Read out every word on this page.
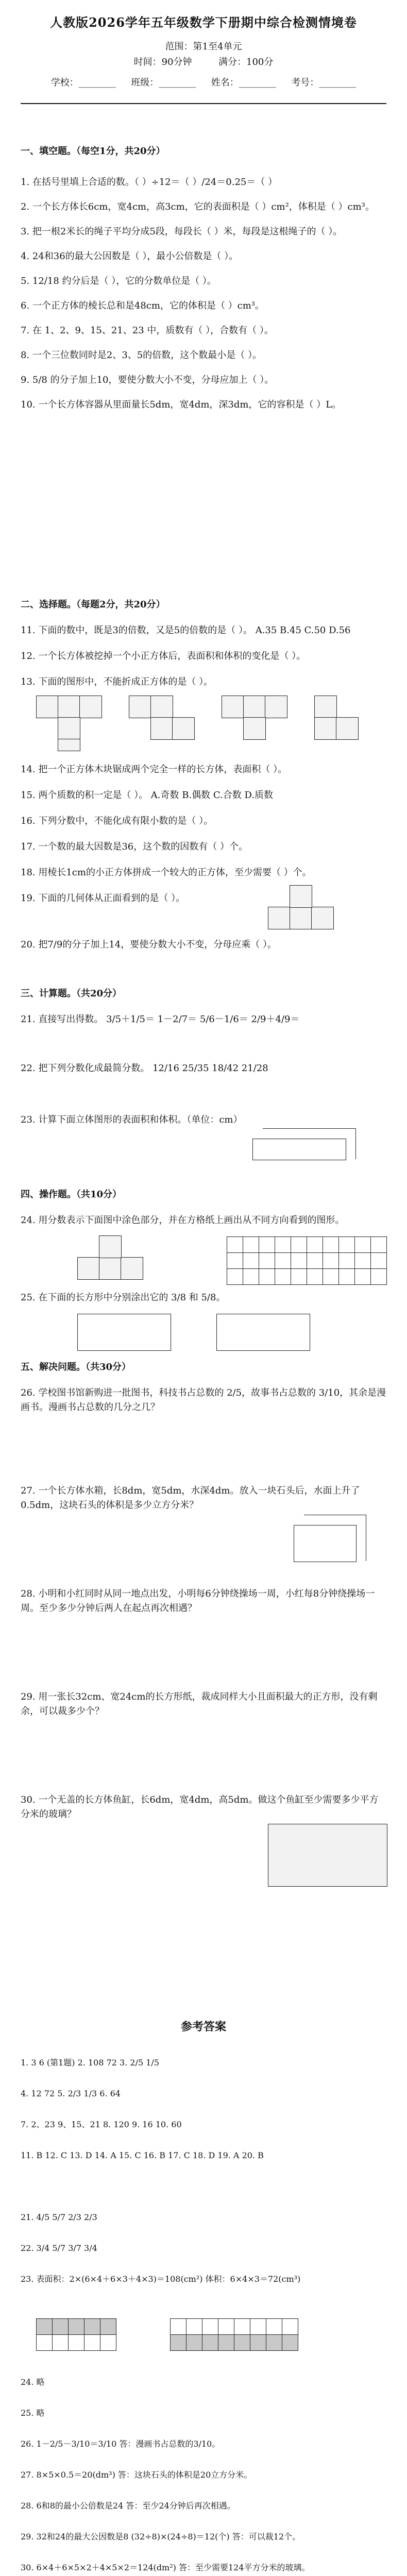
人教版2026学年五年级数学下册期中综合检测情境卷
范围：第1至4单元
时间：90分钟	满分：100分
学校：________ 班级：________ 姓名：________ 考号：________
一、填空题。（每空1分，共20分）
1. 在括号里填上合适的数。（ ）÷12＝（ ）/24＝0.25＝（ ）
2. 一个长方体长6cm，宽4cm，高3cm，它的表面积是（ ）cm²，体积是（ ）cm³。
3. 把一根2米长的绳子平均分成5段，每段长（ ）米，每段是这根绳子的（ ）。
4. 24和36的最大公因数是（ ），最小公倍数是（ ）。
5. 12/18 约分后是（ ），它的分数单位是（ ）。
6. 一个正方体的棱长总和是48cm，它的体积是（ ）cm³。
7. 在 1、2、9、15、21、23 中，质数有（ ），合数有（ ）。
8. 一个三位数同时是2、3、5的倍数，这个数最小是（ ）。
9. 5/8 的分子加上10，要使分数大小不变，分母应加上（ ）。
10. 一个长方体容器从里面量长5dm，宽4dm，深3dm，它的容积是（ ）L。
二、选择题。（每题2分，共20分）
11. 下面的数中，既是3的倍数，又是5的倍数的是（ ）。 A.35 B.45 C.50 D.56
12. 一个长方体被挖掉一个小正方体后，表面积和体积的变化是（ ）。
13. 下面的图形中，不能折成正方体的是（ ）。
14. 把一个正方体木块锯成两个完全一样的长方体，表面积（ ）。
15. 两个质数的积一定是（ ）。 A.奇数 B.偶数 C.合数 D.质数
16. 下列分数中，不能化成有限小数的是（ ）。
17. 一个数的最大因数是36，这个数的因数有（ ）个。
18. 用棱长1cm的小正方体拼成一个较大的正方体，至少需要（ ）个。
19. 下面的几何体从正面看到的是（ ）。
20. 把7/9的分子加上14，要使分数大小不变，分母应乘（ ）。
三、计算题。（共20分）
21. 直接写出得数。 3/5＋1/5＝ 1－2/7＝ 5/6－1/6＝ 2/9＋4/9＝
22. 把下列分数化成最简分数。 12/16 25/35 18/42 21/28
23. 计算下面立体图形的表面积和体积。（单位：cm）
四、操作题。（共10分）
24. 用分数表示下面图中涂色部分，并在方格纸上画出从不同方向看到的图形。

25. 在下面的长方形中分别涂出它的 3/8 和 5/8。
五、解决问题。（共30分）
26. 学校图书馆新购进一批图书，科技书占总数的 2/5，故事书占总数的 3/10，其余是漫画书。漫画书占总数的几分之几？
27. 一个长方体水箱，长8dm，宽5dm，水深4dm。放入一块石头后，水面上升了0.5dm，这块石头的体积是多少立方分米？
28. 小明和小红同时从同一地点出发，小明每6分钟绕操场一周，小红每8分钟绕操场一周。至少多少分钟后两人在起点再次相遇？
29. 用一张长32cm、宽24cm的长方形纸，裁成同样大小且面积最大的正方形，没有剩余，可以裁多少个？
30. 一个无盖的长方体鱼缸，长6dm，宽4dm，高5dm。做这个鱼缸至少需要多少平方分米的玻璃？
参考答案
1. 3 6 (第1题) 2. 108 72 3. 2/5 1/5
4. 12 72 5. 2/3 1/3 6. 64
7. 2、23 9、15、21 8. 120 9. 16 10. 60
11. B 12. C 13. D 14. A 15. C 16. B 17. C 18. D 19. A 20. B
21. 4/5 5/7 2/3 2/3
22. 3/4 5/7 3/7 3/4
23. 表面积：2×(6×4＋6×3＋4×3)＝108(cm²) 体积：6×4×3＝72(cm³)

24. 略
25. 略
26. 1－2/5－3/10＝3/10 答：漫画书占总数的3/10。
27. 8×5×0.5＝20(dm³) 答：这块石头的体积是20立方分米。
28. 6和8的最小公倍数是24 答：至少24分钟后再次相遇。
29. 32和24的最大公因数是8 (32÷8)×(24÷8)＝12(个) 答：可以裁12个。
30. 6×4＋6×5×2＋4×5×2＝124(dm²) 答：至少需要124平方分米的玻璃。
